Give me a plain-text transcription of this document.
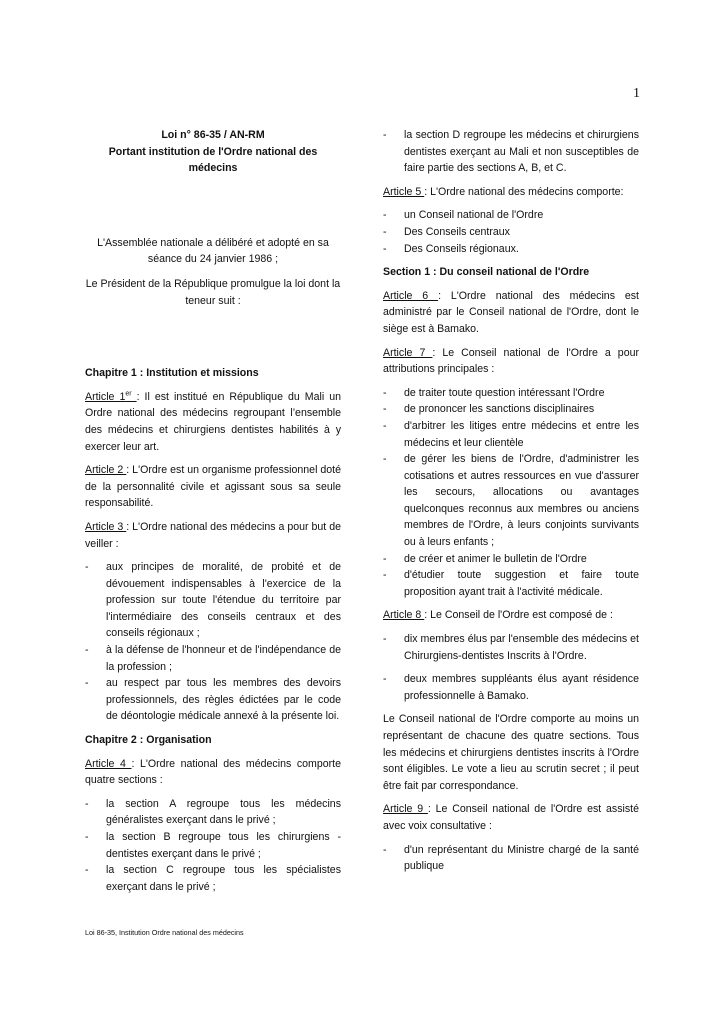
1

Loi n° 86-35 / AN-RM

Portant institution de l'Ordre national des médecins

L'Assemblée nationale a délibéré et adopté en sa séance du 24 janvier 1986 ;

Le Président de la République promulgue la loi dont la teneur suit :

Chapitre 1 : Institution et missions

Article 1er : Il est institué en République du Mali un Ordre national des médecins regroupant l’ensemble des médecins et chirurgiens dentistes habilités à y exercer leur art.

Article 2 : L'Ordre est un organisme professionnel doté de la personnalité civile et agissant sous sa seule responsabilité.

Article 3 : L'Ordre national des médecins a pour but de veiller :

- aux principes de moralité, de probité et de dévouement indispensables à l'exercice de la profession sur toute l'étendue du territoire par l'intermédiaire des conseils centraux et des conseils régionaux ;
- à la défense de l'honneur et de l'indépendance de la profession ;
- au respect par tous les membres des devoirs professionnels, des règles édictées par le code de déontologie médicale annexé à la présente loi.

Chapitre 2 : Organisation

Article 4 : L'Ordre national des médecins comporte quatre sections :

- la section A regroupe tous les médecins généralistes exerçant dans le privé ;
- la section B regroupe tous les chirurgiens - dentistes exerçant dans le privé ;
- la section C regroupe tous les spécialistes exerçant dans le privé ;
- la section D regroupe les médecins et chirurgiens dentistes exerçant au Mali et non susceptibles de faire partie des sections A, B, et C.

Article 5 : L'Ordre national des médecins comporte:

- un Conseil national de l'Ordre
- Des Conseils centraux
- Des Conseils régionaux.

Section 1 : Du conseil national de l'Ordre

Article 6 : L'Ordre national des médecins est administré par le Conseil national de l'Ordre, dont le siège est à Bamako.

Article 7 : Le Conseil national de l'Ordre a pour attributions principales :

- de traiter toute question intéressant l'Ordre
- de prononcer les sanctions disciplinaires
- d'arbitrer les litiges entre médecins et entre les médecins et leur clientèle
- de gérer les biens de l'Ordre, d'administrer les cotisations et autres ressources en vue d'assurer les secours, allocations ou avantages quelconques reconnus aux membres ou anciens membres de l'Ordre, à leurs conjoints survivants ou à leurs enfants ;
- de créer et animer le bulletin de l'Ordre
- d'étudier toute suggestion et faire toute proposition ayant trait à l'activité médicale.

Article 8 : Le Conseil de l'Ordre est composé de :

- dix membres élus par l'ensemble des médecins et Chirurgiens-dentistes Inscrits à l'Ordre.
- deux membres suppléants élus ayant résidence professionnelle à Bamako.

Le Conseil national de l'Ordre comporte au moins un représentant de chacune des quatre sections. Tous les médecins et chirurgiens dentistes inscrits à l'Ordre sont éligibles. Le vote a lieu au scrutin secret ; il peut être fait par correspondance.

Article 9 : Le Conseil national de l'Ordre est assisté avec voix consultative :

- d'un représentant du Ministre chargé de la santé publique
Loi 86-35, Institution Ordre national des médecins
